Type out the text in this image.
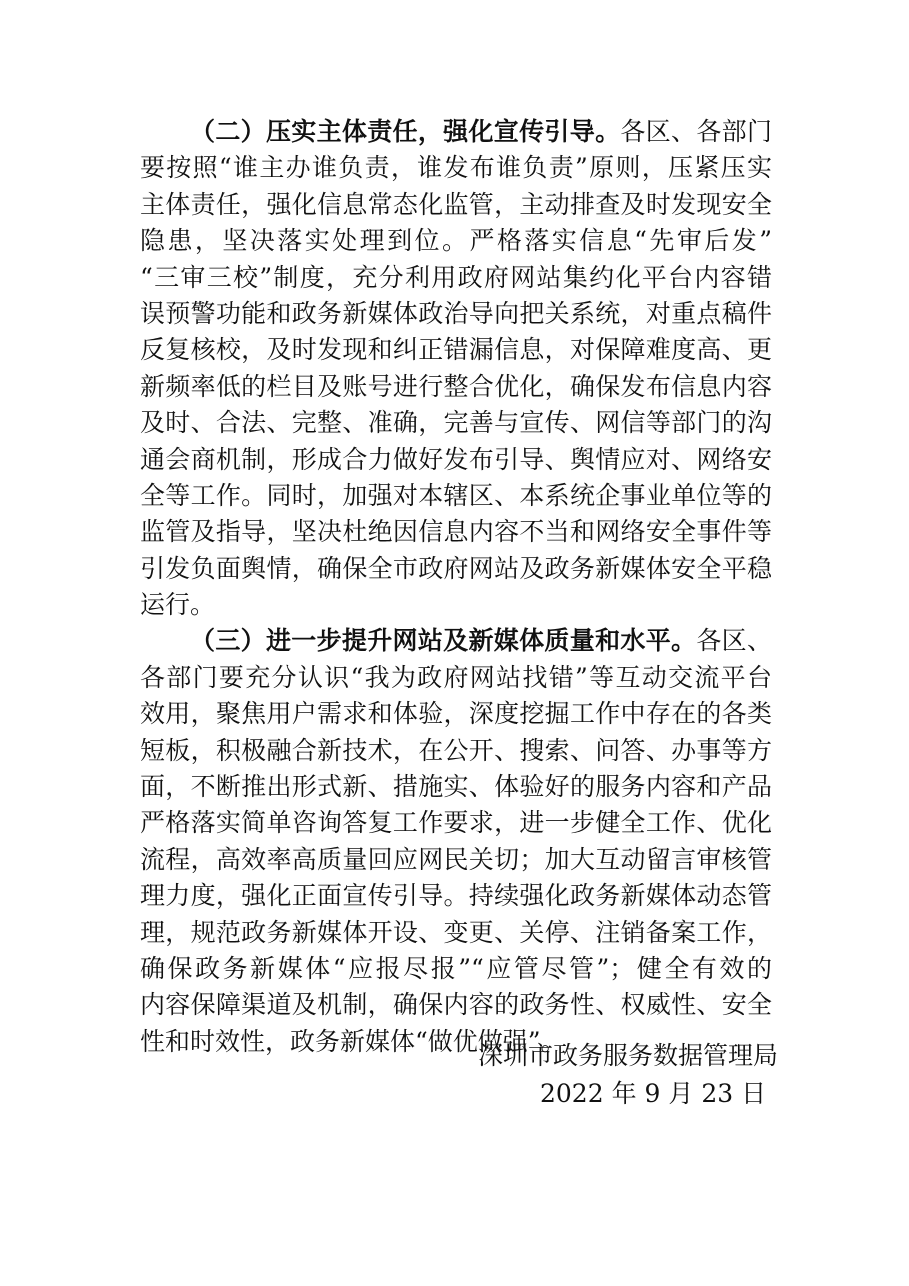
（二）压实主体责任，强化宣传引导。各区、各部门
要按照“谁主办谁负责，谁发布谁负责”原则，压紧压实
主体责任，强化信息常态化监管，主动排查及时发现安全
隐患，坚决落实处理到位。严格落实信息“先审后发”
“三审三校”制度，充分利用政府网站集约化平台内容错
误预警功能和政务新媒体政治导向把关系统，对重点稿件
反复核校，及时发现和纠正错漏信息，对保障难度高、更
新频率低的栏目及账号进行整合优化，确保发布信息内容
及时、合法、完整、准确，完善与宣传、网信等部门的沟
通会商机制，形成合力做好发布引导、舆情应对、网络安
全等工作。同时，加强对本辖区、本系统企事业单位等的
监管及指导，坚决杜绝因信息内容不当和网络安全事件等
引发负面舆情，确保全市政府网站及政务新媒体安全平稳
运行。
（三）进一步提升网站及新媒体质量和水平。各区、
各部门要充分认识“我为政府网站找错”等互动交流平台
效用，聚焦用户需求和体验，深度挖掘工作中存在的各类
短板，积极融合新技术，在公开、搜索、问答、办事等方
面，不断推出形式新、措施实、体验好的服务内容和产品
严格落实简单咨询答复工作要求，进一步健全工作、优化
流程，高效率高质量回应网民关切；加大互动留言审核管
理力度，强化正面宣传引导。持续强化政务新媒体动态管
理，规范政务新媒体开设、变更、关停、注销备案工作，
确保政务新媒体“应报尽报”“应管尽管”；健全有效的
内容保障渠道及机制，确保内容的政务性、权威性、安全
性和时效性，政务新媒体“做优做强”。
深圳市政务服务数据管理局
2022 年 9 月 23 日
